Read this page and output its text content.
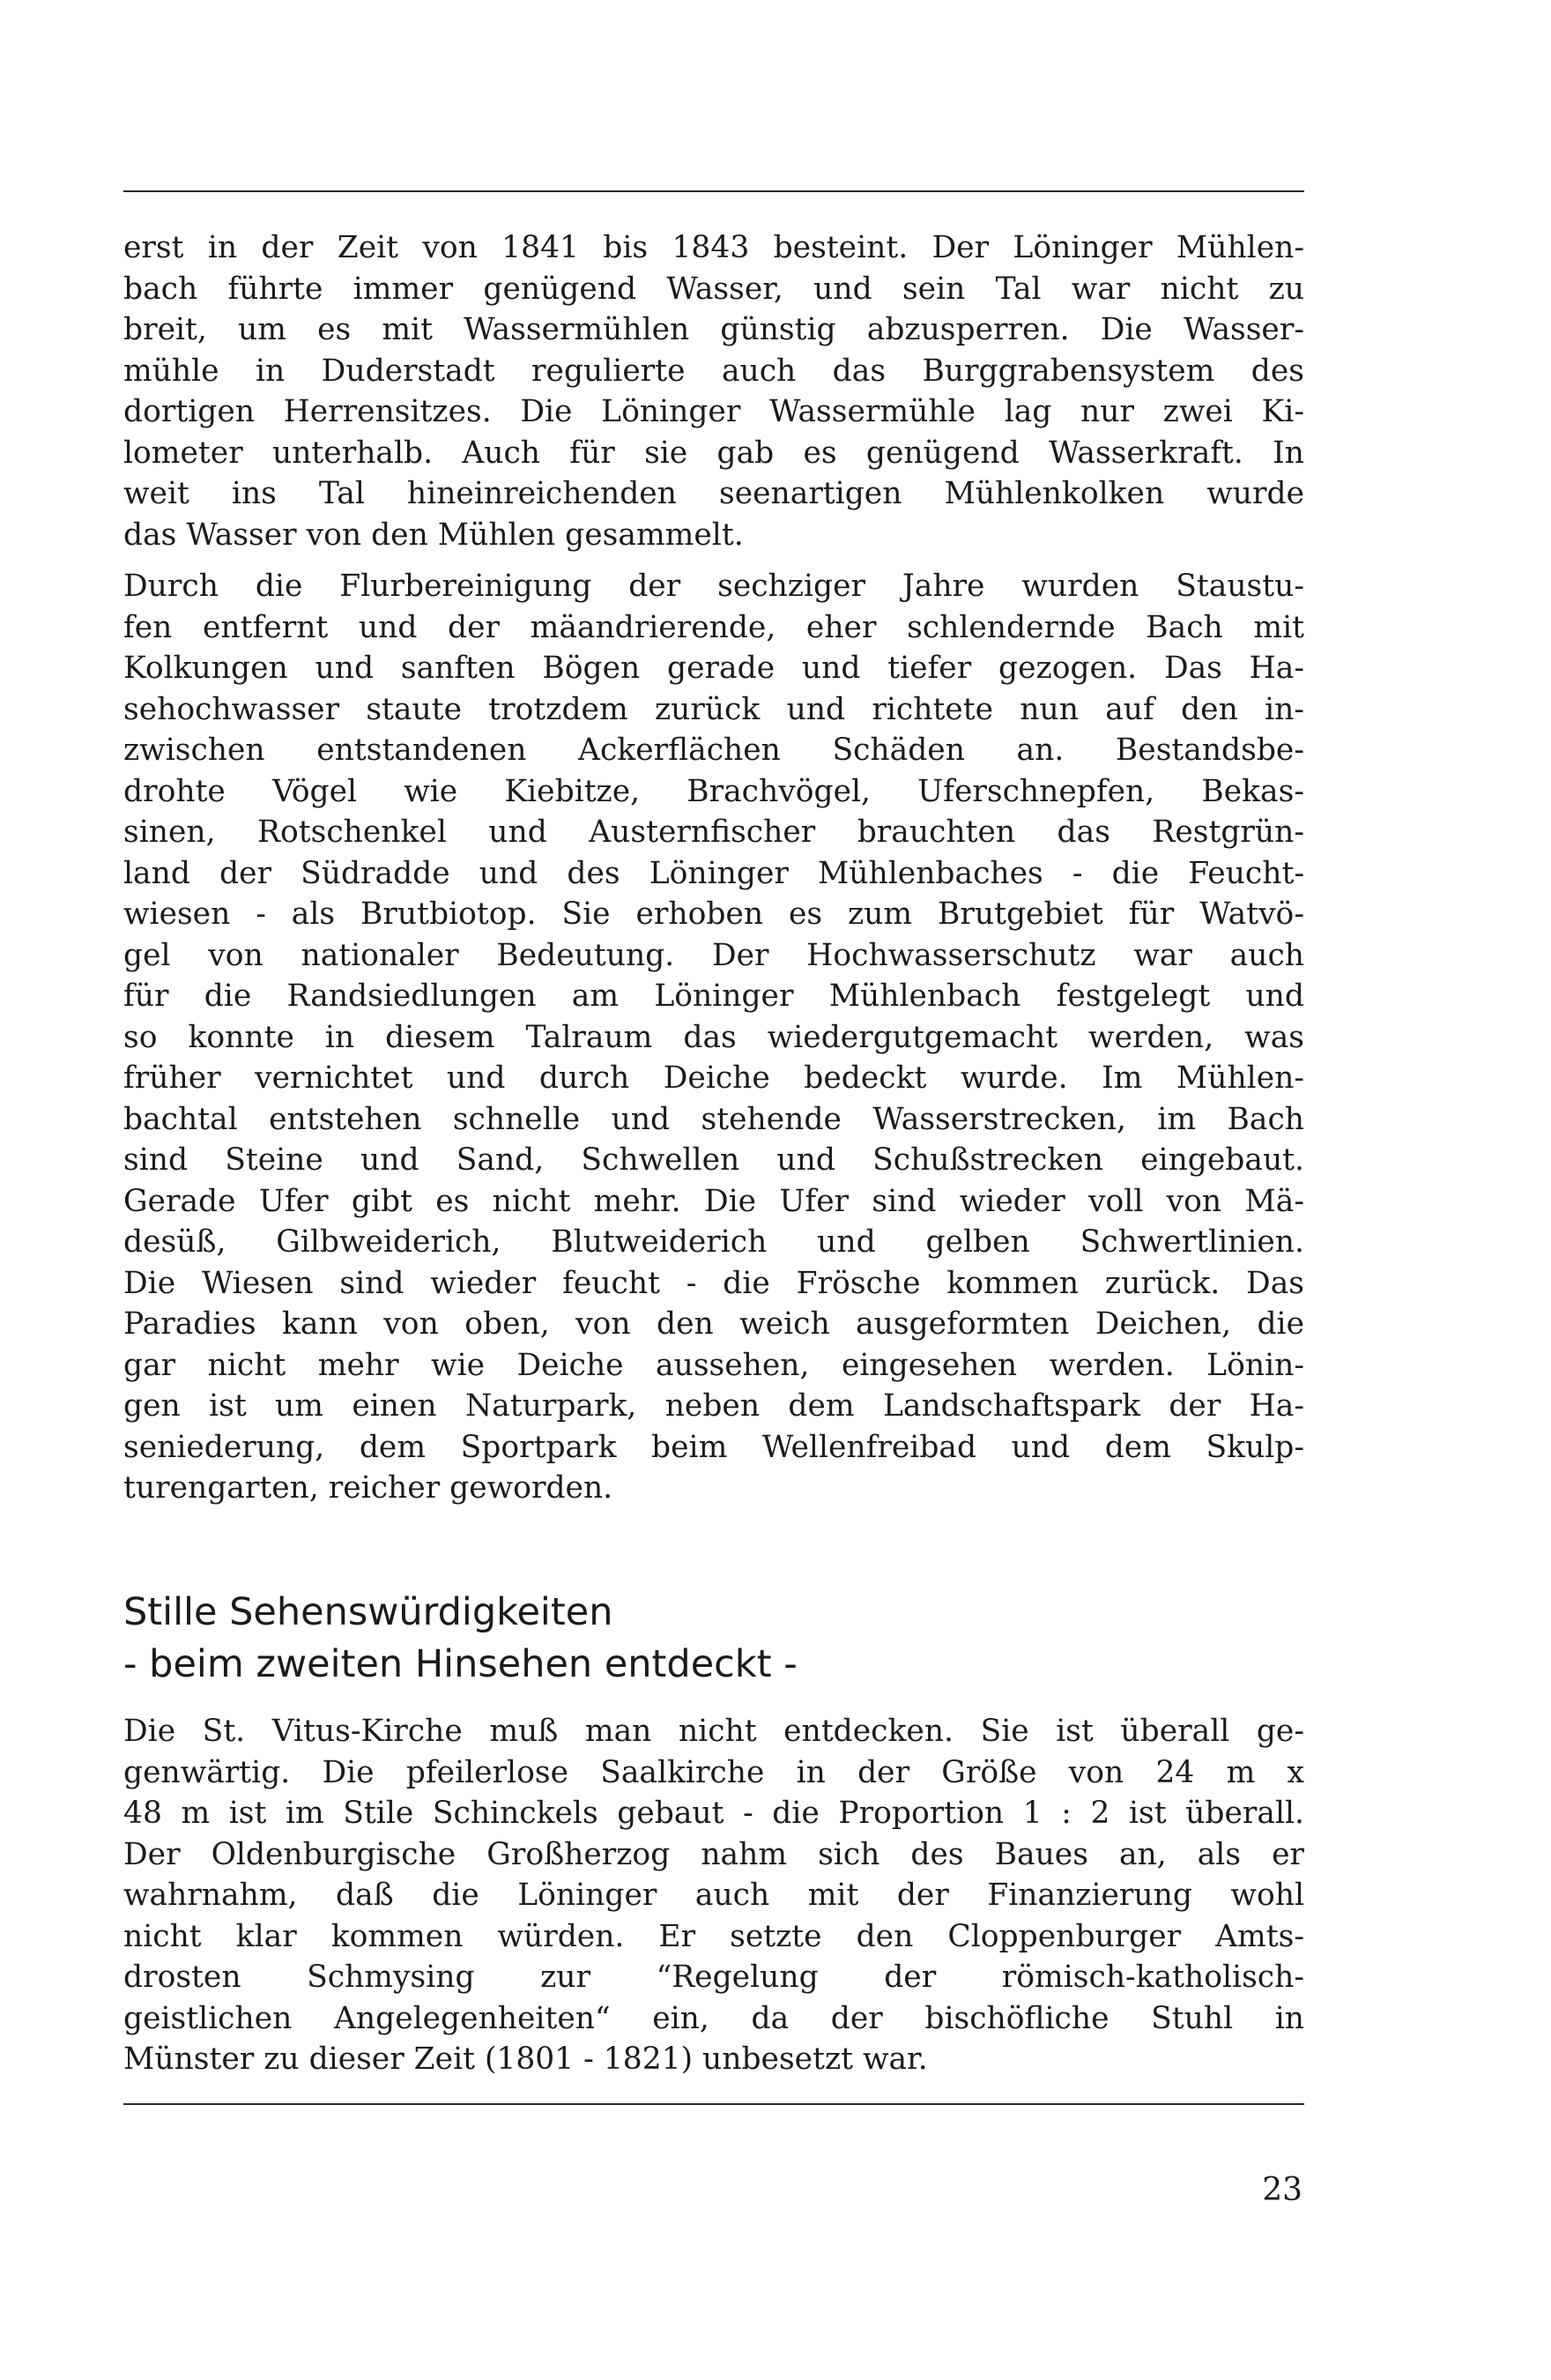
erst in der Zeit von 1841 bis 1843 besteint. Der Löninger Mühlen-
bach führte immer genügend Wasser, und sein Tal war nicht zu
breit, um es mit Wassermühlen günstig abzusperren. Die Wasser-
mühle in Duderstadt regulierte auch das Burggrabensystem des
dortigen Herrensitzes. Die Löninger Wassermühle lag nur zwei Ki-
lometer unterhalb. Auch für sie gab es genügend Wasserkraft. In
weit ins Tal hineinreichenden seenartigen Mühlenkolken wurde
das Wasser von den Mühlen gesammelt.
Durch die Flurbereinigung der sechziger Jahre wurden Staustu-
fen entfernt und der mäandrierende, eher schlendernde Bach mit
Kolkungen und sanften Bögen gerade und tiefer gezogen. Das Ha-
sehochwasser staute trotzdem zurück und richtete nun auf den in-
zwischen entstandenen Ackerflächen Schäden an. Bestandsbe-
drohte Vögel wie Kiebitze, Brachvögel, Uferschnepfen, Bekas-
sinen, Rotschenkel und Austernfischer brauchten das Restgrün-
land der Südradde und des Löninger Mühlenbaches - die Feucht-
wiesen - als Brutbiotop. Sie erhoben es zum Brutgebiet für Watvö-
gel von nationaler Bedeutung. Der Hochwasserschutz war auch
für die Randsiedlungen am Löninger Mühlenbach festgelegt und
so konnte in diesem Talraum das wiedergutgemacht werden, was
früher vernichtet und durch Deiche bedeckt wurde. Im Mühlen-
bachtal entstehen schnelle und stehende Wasserstrecken, im Bach
sind Steine und Sand, Schwellen und Schußstrecken eingebaut.
Gerade Ufer gibt es nicht mehr. Die Ufer sind wieder voll von Mä-
desüß, Gilbweiderich, Blutweiderich und gelben Schwertlinien.
Die Wiesen sind wieder feucht - die Frösche kommen zurück. Das
Paradies kann von oben, von den weich ausgeformten Deichen, die
gar nicht mehr wie Deiche aussehen, eingesehen werden. Lönin-
gen ist um einen Naturpark, neben dem Landschaftspark der Ha-
seniederung, dem Sportpark beim Wellenfreibad und dem Skulp-
turengarten, reicher geworden.
Stille Sehenswürdigkeiten
- beim zweiten Hinsehen entdeckt -
Die St. Vitus-Kirche muß man nicht entdecken. Sie ist überall ge-
genwärtig. Die pfeilerlose Saalkirche in der Größe von 24 m x
48 m ist im Stile Schinckels gebaut - die Proportion 1 : 2 ist überall.
Der Oldenburgische Großherzog nahm sich des Baues an, als er
wahrnahm, daß die Löninger auch mit der Finanzierung wohl
nicht klar kommen würden. Er setzte den Cloppenburger Amts-
drosten Schmysing zur “Regelung der römisch-katholisch-
geistlichen Angelegenheiten“ ein, da der bischöfliche Stuhl in
Münster zu dieser Zeit (1801 - 1821) unbesetzt war.
23
